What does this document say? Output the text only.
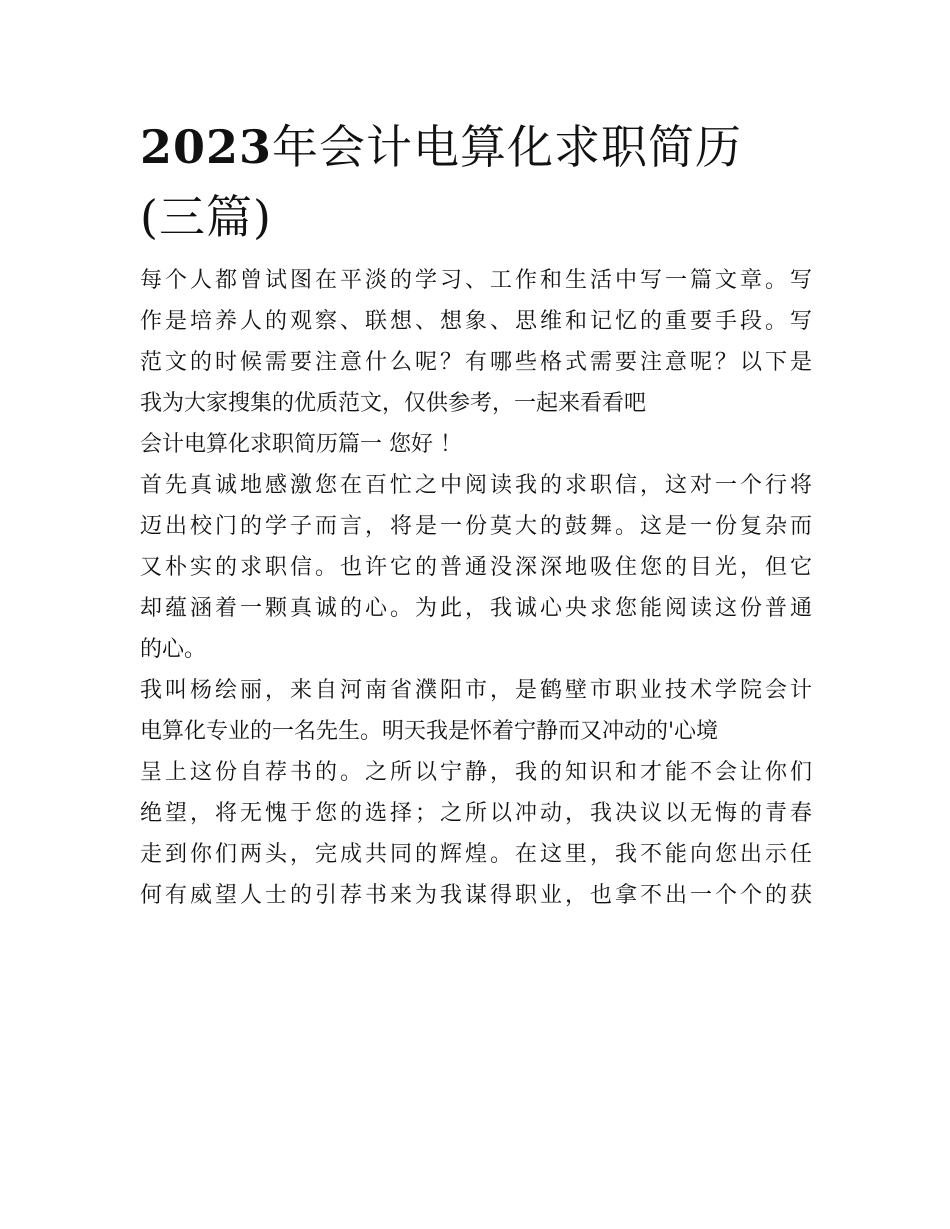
2023年会计电算化求职简历
(三篇)
每个人都曾试图在平淡的学习、工作和生活中写一篇文章。写
作是培养人的观察、联想、想象、思维和记忆的重要手段。写
范文的时候需要注意什么呢？有哪些格式需要注意呢？以下是
我为大家搜集的优质范文，仅供参考，一起来看看吧
会计电算化求职简历篇一 您好 ！
首先真诚地感激您在百忙之中阅读我的求职信，这对一个行将
迈出校门的学子而言，将是一份莫大的鼓舞。这是一份复杂而
又朴实的求职信。也许它的普通没深深地吸住您的目光，但它
却蕴涵着一颗真诚的心。为此，我诚心央求您能阅读这份普通
的心。
我叫杨绘丽，来自河南省濮阳市，是鹤壁市职业技术学院会计
电算化专业的一名先生。明天我是怀着宁静而又冲动的'心境
呈上这份自荐书的。之所以宁静，我的知识和才能不会让你们
绝望，将无愧于您的选择；之所以冲动，我决议以无悔的青春
走到你们两头，完成共同的辉煌。在这里，我不能向您出示任
何有威望人士的引荐书来为我谋得职业，也拿不出一个个的获
